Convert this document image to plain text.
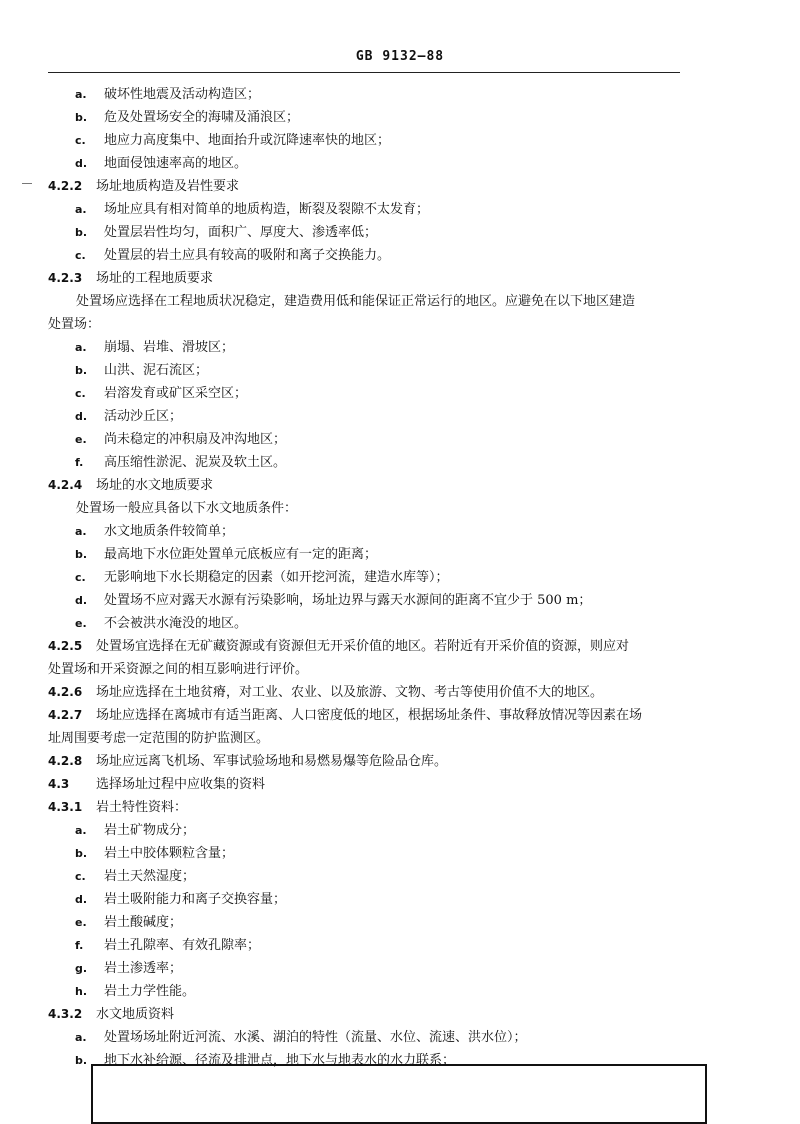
GB 9132—88
a. 破坏性地震及活动构造区；
b. 危及处置场安全的海啸及涌浪区；
c. 地应力高度集中、地面抬升或沉降速率快的地区；
d. 地面侵蚀速率高的地区。
4.2.2 场址地质构造及岩性要求
a. 场址应具有相对简单的地质构造，断裂及裂隙不太发育；
b. 处置层岩性均匀，面积广、厚度大、渗透率低；
c. 处置层的岩土应具有较高的吸附和离子交换能力。
4.2.3 场址的工程地质要求
处置场应选择在工程地质状况稳定，建造费用低和能保证正常运行的地区。应避免在以下地区建造
处置场：
a. 崩塌、岩堆、滑坡区；
b. 山洪、泥石流区；
c. 岩溶发育或矿区采空区；
d. 活动沙丘区；
e. 尚未稳定的冲积扇及冲沟地区；
f. 高压缩性淤泥、泥炭及软土区。
4.2.4 场址的水文地质要求
处置场一般应具备以下水文地质条件：
a. 水文地质条件较简单；
b. 最高地下水位距处置单元底板应有一定的距离；
c. 无影响地下水长期稳定的因素（如开挖河流，建造水库等）；
d. 处置场不应对露天水源有污染影响，场址边界与露天水源间的距离不宜少于 500 m；
e. 不会被洪水淹没的地区。
4.2.5 处置场宜选择在无矿藏资源或有资源但无开采价值的地区。若附近有开采价值的资源，则应对
处置场和开采资源之间的相互影响进行评价。
4.2.6 场址应选择在土地贫瘠，对工业、农业、以及旅游、文物、考古等使用价值不大的地区。
4.2.7 场址应选择在离城市有适当距离、人口密度低的地区，根据场址条件、事故释放情况等因素在场
址周围要考虑一定范围的防护监测区。
4.2.8 场址应远离飞机场、军事试验场地和易燃易爆等危险品仓库。
4.3 选择场址过程中应收集的资料
4.3.1 岩土特性资料：
a. 岩土矿物成分；
b. 岩土中胶体颗粒含量；
c. 岩土天然湿度；
d. 岩土吸附能力和离子交换容量；
e. 岩土酸碱度；
f. 岩土孔隙率、有效孔隙率；
g. 岩土渗透率；
h. 岩土力学性能。
4.3.2 水文地质资料
a. 处置场场址附近河流、水溪、湖泊的特性（流量、水位、流速、洪水位）；
b. 地下水补给源、径流及排泄点，地下水与地表水的水力联系；
